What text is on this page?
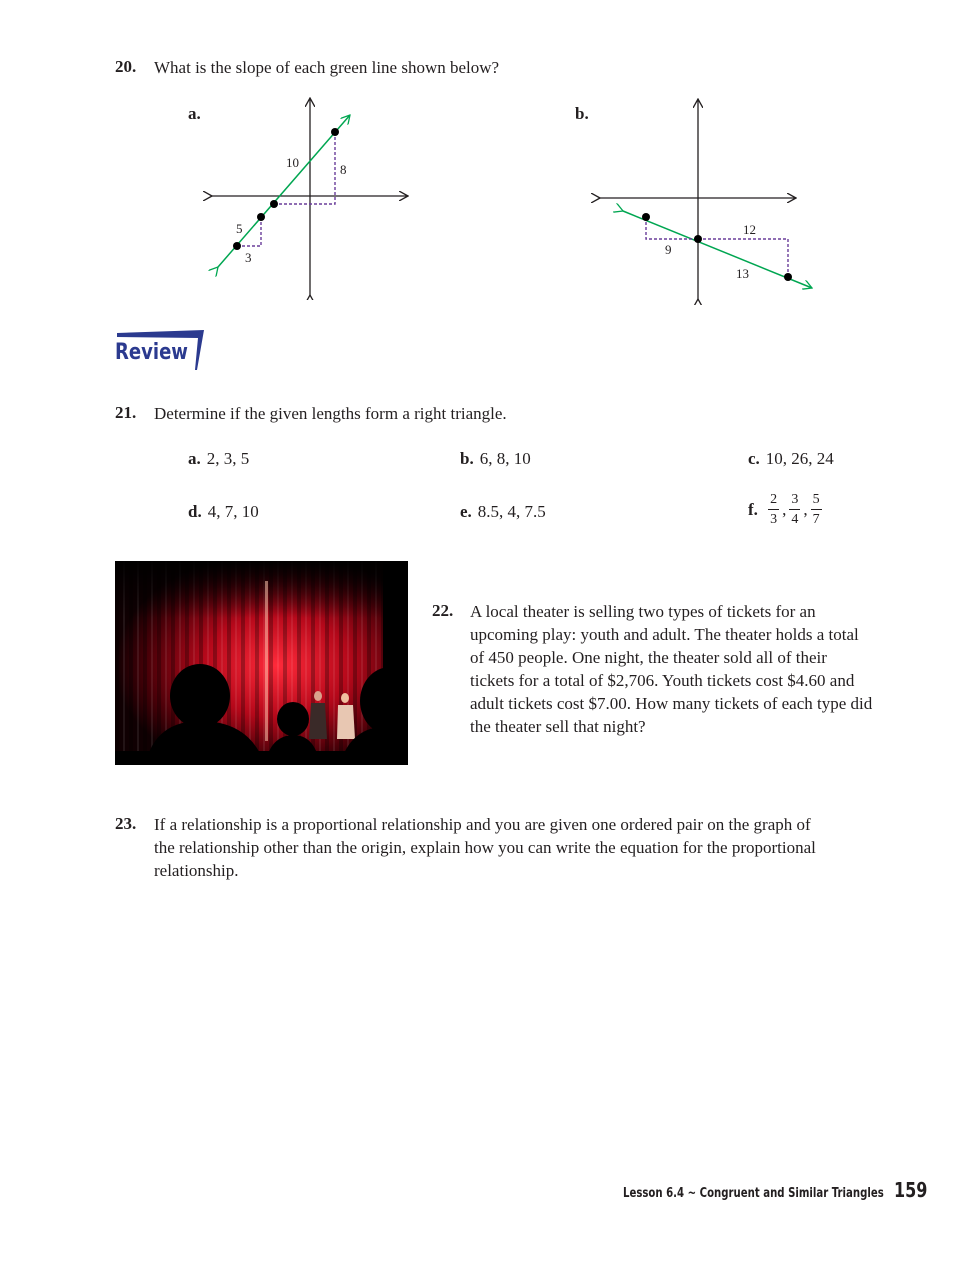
20. What is the slope of each green line shown below?
a.	b.
10	8
5
3
12
9
13
Review
21. Determine if the given lengths form a right triangle.
a. 2, 3, 5	b. 6, 8, 10	c. 10, 26, 24
d. 4, 7, 10	e. 8.5, 4, 7.5	f. $\frac{2}{3}$ , $\frac{3}{4}$ , $\frac{5}{7}$
22. A local theater is selling two types of tickets for an
upcoming play: youth and adult. The theater holds a total
of 450 people. One night, the theater sold all of their
tickets for a total of $2,706. Youth tickets cost $4.60 and
adult tickets cost $7.00. How many tickets of each type did
the theater sell that night?
23. If a relationship is a proportional relationship and you are given one ordered pair on the graph of
the relationship other than the origin, explain how you can write the equation for the proportional
relationship.
Lesson 6.4 ~ Congruent and Similar Triangles 159
